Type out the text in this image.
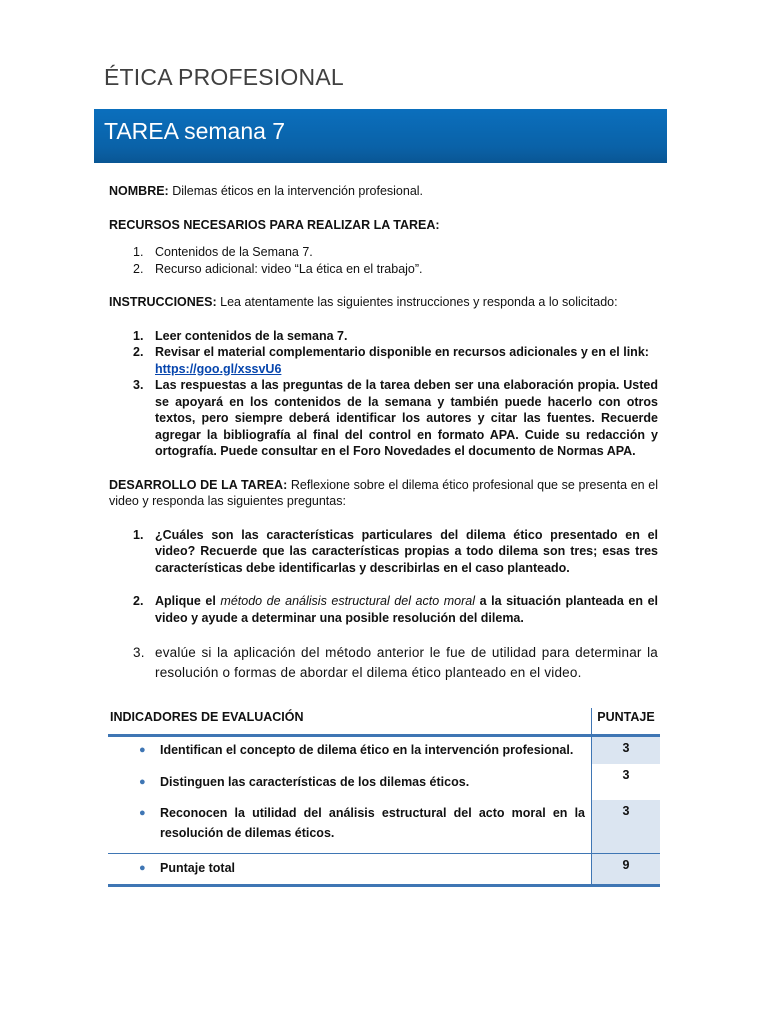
ÉTICA PROFESIONAL
TAREA semana 7

NOMBRE: Dilemas éticos en la intervención profesional.

RECURSOS NECESARIOS PARA REALIZAR LA TAREA:

1. Contenidos de la Semana 7.
2. Recurso adicional: video “La ética en el trabajo”.

INSTRUCCIONES: Lea atentamente las siguientes instrucciones y responda a lo solicitado:

1. Leer contenidos de la semana 7.
2. Revisar el material complementario disponible en recursos adicionales y en el link:
https://goo.gl/xssvU6
3. Las respuestas a las preguntas de la tarea deben ser una elaboración propia. Usted se apoyará en los contenidos de la semana y también puede hacerlo con otros textos, pero siempre deberá identificar los autores y citar las fuentes. Recuerde agregar la bibliografía al final del control en formato APA. Cuide su redacción y ortografía. Puede consultar en el Foro Novedades el documento de Normas APA.

DESARROLLO DE LA TAREA: Reflexione sobre el dilema ético profesional que se presenta en el video y responda las siguientes preguntas:

1. ¿Cuáles son las características particulares del dilema ético presentado en el video? Recuerde que las características propias a todo dilema son tres; esas tres características debe identificarlas y describirlas en el caso planteado.
2. Aplique el método de análisis estructural del acto moral a la situación planteada en el video y ayude a determinar una posible resolución del dilema.
3. evalúe si la aplicación del método anterior le fue de utilidad para determinar la resolución o formas de abordar el dilema ético planteado en el video.
INDICADORES DE EVALUACIÓN	PUNTAJE

● Identifican el concepto de dilema ético en la intervención profesional.	3

● Distinguen las características de los dilemas éticos.	3

● Reconocen la utilidad del análisis estructural del acto moral en la resolución de dilemas éticos.	3

● Puntaje total	9
